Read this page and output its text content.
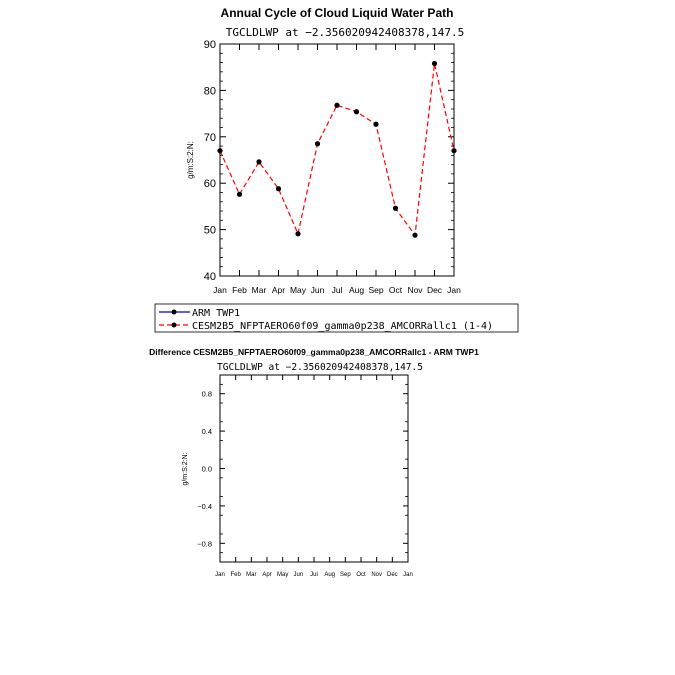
Annual Cycle of Cloud Liquid Water Path
TGCLDLWP at −2.356020942408378,147.5
90
80
70
60
50
40
Jan Feb Mar Apr May Jun Jul Aug Sep Oct Nov Dec Jan
g/m:S:2:N:
ARM TWP1
CESM2B5_NFPTAERO60f09_gamma0p238_AMCORRallc1 (1-4)
Difference CESM2B5_NFPTAERO60f09_gamma0p238_AMCORRallc1 - ARM TWP1
TGCLDLWP at −2.356020942408378,147.5
0.8
0.4
0.0
−0.4
−0.8
Jan Feb Mar Apr May Jun Jul Aug Sep Oct Nov Dec Jan
g/m:S:2:N:
